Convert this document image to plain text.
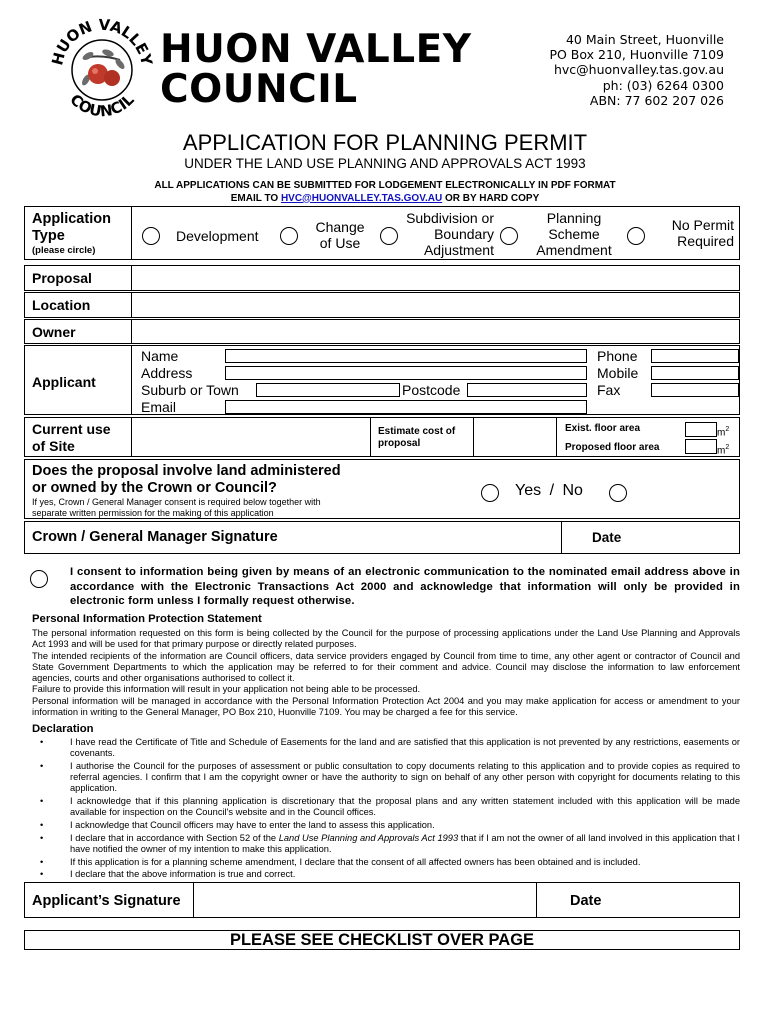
HUON VALLEY
COUNCIL
HUON VALLEY
COUNCIL
40 Main Street, Huonville
PO Box 210, Huonville 7109
hvc@huonvalley.tas.gov.au
ph: (03) 6264 0300
ABN: 77 602 207 026
APPLICATION FOR PLANNING PERMIT
UNDER THE LAND USE PLANNING AND APPROVALS ACT 1993
ALL APPLICATIONS CAN BE SUBMITTED FOR LODGEMENT ELECTRONICALLY IN PDF FORMAT
EMAIL TO HVC@HUONVALLEY.TAS.GOV.AU OR BY HARD COPY
Application
Type
(please circle)
Development
Change
of Use
Subdivision or
Boundary
Adjustment
Planning
Scheme
Amendment
No Permit
Required
Proposal
Location
Owner
Applicant
Name
Address
Suburb or Town
Email
Postcode
Phone
Mobile
Fax
Current use
of Site
Estimate cost of
proposal
Exist. floor area
Proposed floor area
$m^2$
$m^2$
Does the proposal involve land administered
or owned by the Crown or Council?
If yes, Crown / General Manager consent is required below together with
separate written permission for the making of this application
Yes / No
Crown / General Manager Signature	Date
I consent to information being given by means of an electronic communication to the nominated email address above in accordance with the Electronic Transactions Act 2000 and acknowledge that information will only be provided in electronic form unless I formally request otherwise.
Personal Information Protection Statement
The personal information requested on this form is being collected by the Council for the purpose of processing applications under the Land Use Planning and Approvals Act 1993 and will be used for that primary purpose or directly related purposes.
The intended recipients of the information are Council officers, data service providers engaged by Council from time to time, any other agent or contractor of Council and State Government Departments to which the application may be referred to for their comment and advice. Council may disclose the information to law enforcement agencies, courts and other organisations authorised to collect it.
Failure to provide this information will result in your application not being able to be processed.
Personal information will be managed in accordance with the Personal Information Protection Act 2004 and you may make application for access or amendment to your information in writing to the General Manager, PO Box 210, Huonville 7109. You may be charged a fee for this service.
Declaration
• I have read the Certificate of Title and Schedule of Easements for the land and are satisfied that this application is not prevented by any restrictions, easements or covenants.
• I authorise the Council for the purposes of assessment or public consultation to copy documents relating to this application and to provide copies as required to referral agencies. I confirm that I am the copyright owner or have the authority to sign on behalf of any other person with copyright for documents relating to this application.
• I acknowledge that if this planning application is discretionary that the proposal plans and any written statement included with this application will be made available for inspection on the Council's website and in the Council offices.
• I acknowledge that Council officers may have to enter the land to assess this application.
• I declare that in accordance with Section 52 of the Land Use Planning and Approvals Act 1993 that if I am not the owner of all land involved in this application that I have notified the owner of my intention to make this application.
• If this application is for a planning scheme amendment, I declare that the consent of all affected owners has been obtained and is included.
• I declare that the above information is true and correct.
Applicant’s Signature	Date
PLEASE SEE CHECKLIST OVER PAGE
